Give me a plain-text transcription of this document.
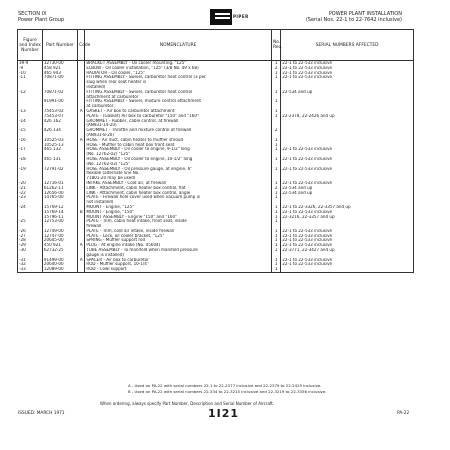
SECTION IX
Power Plant Group
PIPER	POWER PLANT INSTALLATION
(Serial Nos. 22-1 to 22-7642 inclusive)
Figure and Index Number	Part Number	Code	NOMENCLATURE	No. Req.	SERIAL NUMBERS AFFECTED
39-9	12730-00		BRACKET ASSEMBLY - Oil cooler mounting, "125"	1	22-1 to 22-533 inclusive
-9	458 921		ELBOW - Oil cooler installation, "125" (3/8 No. 49 x 68)	2	22-1 to 22-533 inclusive
-10	465 943		RADIATOR - Oil cooler, "125"	1	22-1 to 22-533 inclusive
-11	70871-00		FITTING ASSEMBLY - Swivel, carburetor heat control (3 per	1	22-1 to 22-533 inclusive
			slug when rear seat heater is		
			installed)		
-12	70871-02		FITTING ASSEMBLY - Swivel, carburetor heat control	1	22-534 and up
			attachment at carburetor		
	91991-00		FITTING ASSEMBLY - Swivel, mixture control attachment	1	
			at carburetor		
-13	75453-02	A	GASKET - Air box to carburetor attachment	1	
	75453-07		PLATE - (Gasket) Air box to carburetor "150" and "160"	1	22-2378, 22-2426 and up
-14	426 162		GROMMET - Rubber, cable control, at firewall		
			(AN931-14-20)		
-15	426 134		GROMMET - Throttle and mixture control at firewall	2	
			(AN931-8-20)		
-16	10525-03	A	HOSE - Air duct, cabin heater to muffler shroud	1	
	10525-13		HOSE - Muffler to cabin heat box front seat	1	
-17	465 132		HOSE ASSEMBLY - Oil cooler to engine, 9-1/2" long	1	22-1 to 22-533 inclusive
			(No. 12762-02) "125"		
-18	465 131		HOSE ASSEMBLY - Oil cooler to engine, 10-1/2" long	1	22-1 to 22-533 inclusive
			(No. 12762-03) "125"		
-19	72791-02		HOSE ASSEMBLY - Oil pressure gauge, at engine, 6"	1	22-1 to 22-533 inclusive
			flexible (alternate line No.		
			71801-20 may be used)		
-20	12716-01		INTAKE ASSEMBLY - Cold air, at firewall	1	22-1 to 22-533 inclusive
-21	61262-11		LINK - Attachment, cabin heater box control, flat	2	22-534 and up
-22	12656-00		LINK - Attachment, cabin heater box control, angle	1	22-534 and up
-23	14765-00		PLATE - Firewall hole cover used when vacuum pump is	1	
			not installed)		
-24	15769-12		MOUNT - Engine, "125"	1	22-1 to 22-3326, 22-3357 and up
	15769-14	B	MOUNT - Engine, "150"	1	22-1 to 22-533 inclusive
	15796-11		MOUNT ASSEMBLY - Engine "150" and "160"	1	22-3216, 22-3357 and up
-25	12753-00		PLATE - Trim, cabin heat intake, front seat, inside	1	
			firewall		
-26	12749-00		PLATE - Trim, cold air intake, inside firewall	1	22-1 to 22-533 inclusive
-27	12747-00		PLATE - Lock, oil cooler bracket, "125"	1	22-1 to 22-533 inclusive
-28	20645-00		SPRING - Muffler support rod	1	22-1 to 22-533 inclusive
-29	450 921	A	PLUG - At engine intake (No. 45604)	1	22-1 to 22-533 inclusive
-30	62732-25		TUBE ASSEMBLY - To manifold when manifold pressure	1	22-3771, 22-3427 and up
			gauge is installed)		
-31	91499-00	A	SPACER - Air box to carburetor	1	22-1 to 22-533 inclusive
-32	20640-00		ROD - Muffler support, 10-1/4"	1	22-1 to 22-533 inclusive
-33	12089-00		ROD - Cowl support	1	
A - Used on PA-22 with serial numbers 22-1 to 22-2377 inclusive and 22-2379 to 22-2425 inclusive.
B - Used on PA-22 with serial numbers 22-534 to 22-3215 inclusive and 22-3219 to 22-3356 inclusive.
When ordering, always specify Part Number, Description and Serial Number of Aircraft.
ISSUED: MARCH 1971	1I21	PA-22
